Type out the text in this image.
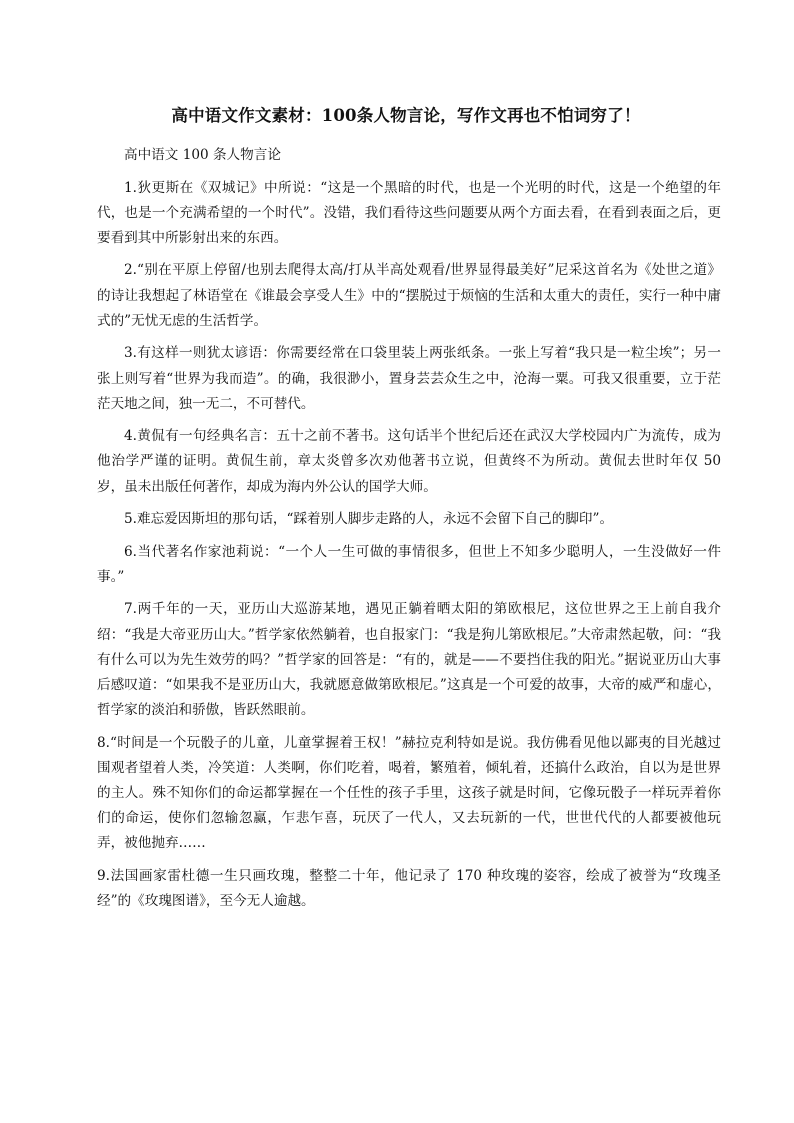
高中语文作文素材：100条人物言论，写作文再也不怕词穷了！

高中语文 100 条人物言论

1.狄更斯在《双城记》中所说：“这是一个黑暗的时代，也是一个光明的时代，这是一个绝望的年代，也是一个充满希望的一个时代”。没错，我们看待这些问题要从两个方面去看，在看到表面之后，更要看到其中所影射出来的东西。

2.“别在平原上停留/也别去爬得太高/打从半高处观看/世界显得最美好”尼采这首名为《处世之道》的诗让我想起了林语堂在《谁最会享受人生》中的“摆脱过于烦恼的生活和太重大的责任，实行一种中庸式的”无忧无虑的生活哲学。

3.有这样一则犹太谚语：你需要经常在口袋里装上两张纸条。一张上写着“我只是一粒尘埃”；另一张上则写着“世界为我而造”。的确，我很渺小，置身芸芸众生之中，沧海一粟。可我又很重要，立于茫茫天地之间，独一无二，不可替代。

4.黄侃有一句经典名言：五十之前不著书。这句话半个世纪后还在武汉大学校园内广为流传，成为他治学严谨的证明。黄侃生前，章太炎曾多次劝他著书立说，但黄终不为所动。黄侃去世时年仅 50 岁，虽未出版任何著作，却成为海内外公认的国学大师。

5.难忘爱因斯坦的那句话，“踩着别人脚步走路的人，永远不会留下自己的脚印”。

6.当代著名作家池莉说：“一个人一生可做的事情很多，但世上不知多少聪明人，一生没做好一件事。”

7.两千年的一天，亚历山大巡游某地，遇见正躺着晒太阳的第欧根尼，这位世界之王上前自我介绍：“我是大帝亚历山大。”哲学家依然躺着，也自报家门：“我是狗儿第欧根尼。”大帝肃然起敬，问：“我有什么可以为先生效劳的吗？”哲学家的回答是：“有的，就是——不要挡住我的阳光。”据说亚历山大事后感叹道：“如果我不是亚历山大，我就愿意做第欧根尼。”这真是一个可爱的故事，大帝的威严和虚心，哲学家的淡泊和骄傲，皆跃然眼前。

8.“时间是一个玩骰子的儿童，儿童掌握着王权！”赫拉克利特如是说。我仿佛看见他以鄙夷的目光越过围观者望着人类，冷笑道：人类啊，你们吃着，喝着，繁殖着，倾轧着，还搞什么政治，自以为是世界的主人。殊不知你们的命运都掌握在一个任性的孩子手里，这孩子就是时间，它像玩骰子一样玩弄着你们的命运，使你们忽输忽赢，乍悲乍喜，玩厌了一代人，又去玩新的一代，世世代代的人都要被他玩弄，被他抛弃……

9.法国画家雷杜德一生只画玫瑰，整整二十年，他记录了 170 种玫瑰的姿容，绘成了被誉为“玫瑰圣经”的《玫瑰图谱》，至今无人逾越。
